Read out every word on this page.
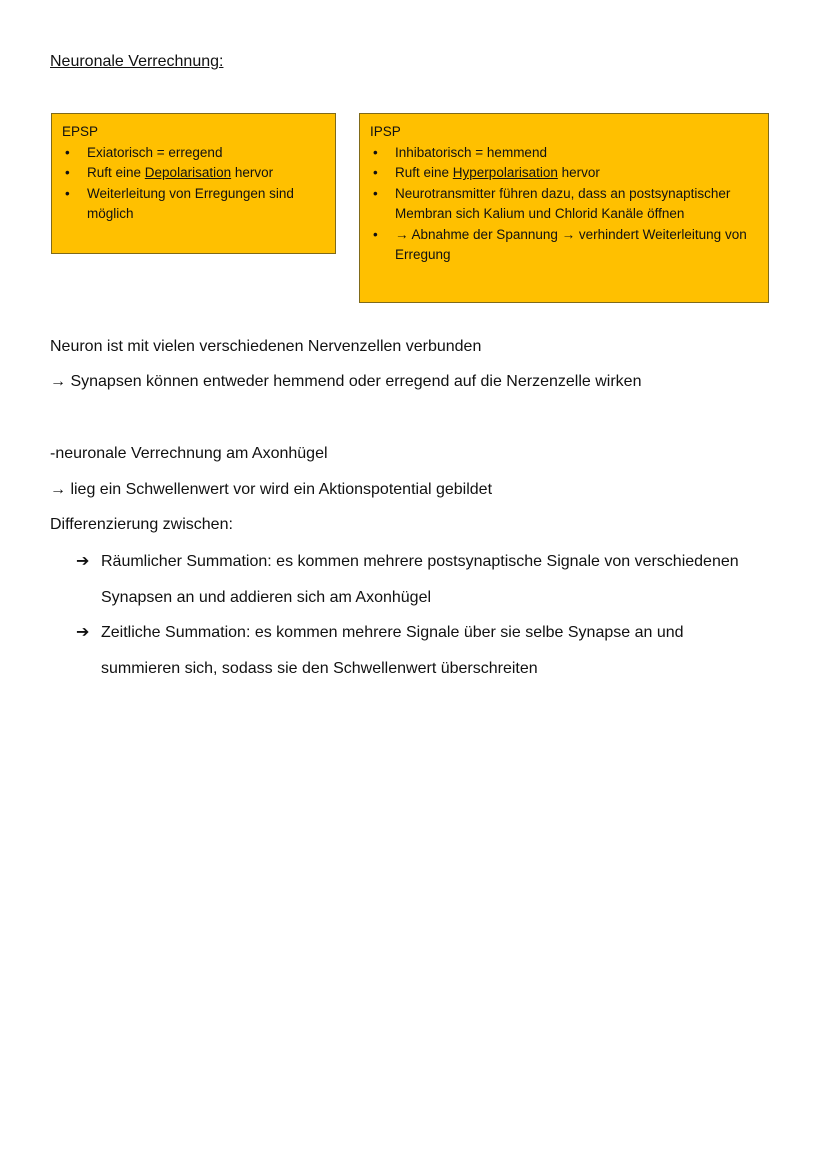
Neuronale Verrechnung:
EPSP
• Exiatorisch = erregend
• Ruft eine Depolarisation hervor
• Weiterleitung von Erregungen sind möglich
IPSP
• Inhibatorisch = hemmend
• Ruft eine Hyperpolarisation hervor
• Neurotransmitter führen dazu, dass an postsynaptischer Membran sich Kalium und Chlorid Kanäle öffnen
• → Abnahme der Spannung → verhindert Weiterleitung von Erregung
Neuron ist mit vielen verschiedenen Nervenzellen verbunden
→ Synapsen können entweder hemmend oder erregend auf die Nerzenzelle wirken
-neuronale Verrechnung am Axonhügel
→ lieg ein Schwellenwert vor wird ein Aktionspotential gebildet
Differenzierung zwischen:
➔ Räumlicher Summation: es kommen mehrere postsynaptische Signale von verschiedenen Synapsen an und addieren sich am Axonhügel
➔ Zeitliche Summation: es kommen mehrere Signale über sie selbe Synapse an und summieren sich, sodass sie den Schwellenwert überschreiten
